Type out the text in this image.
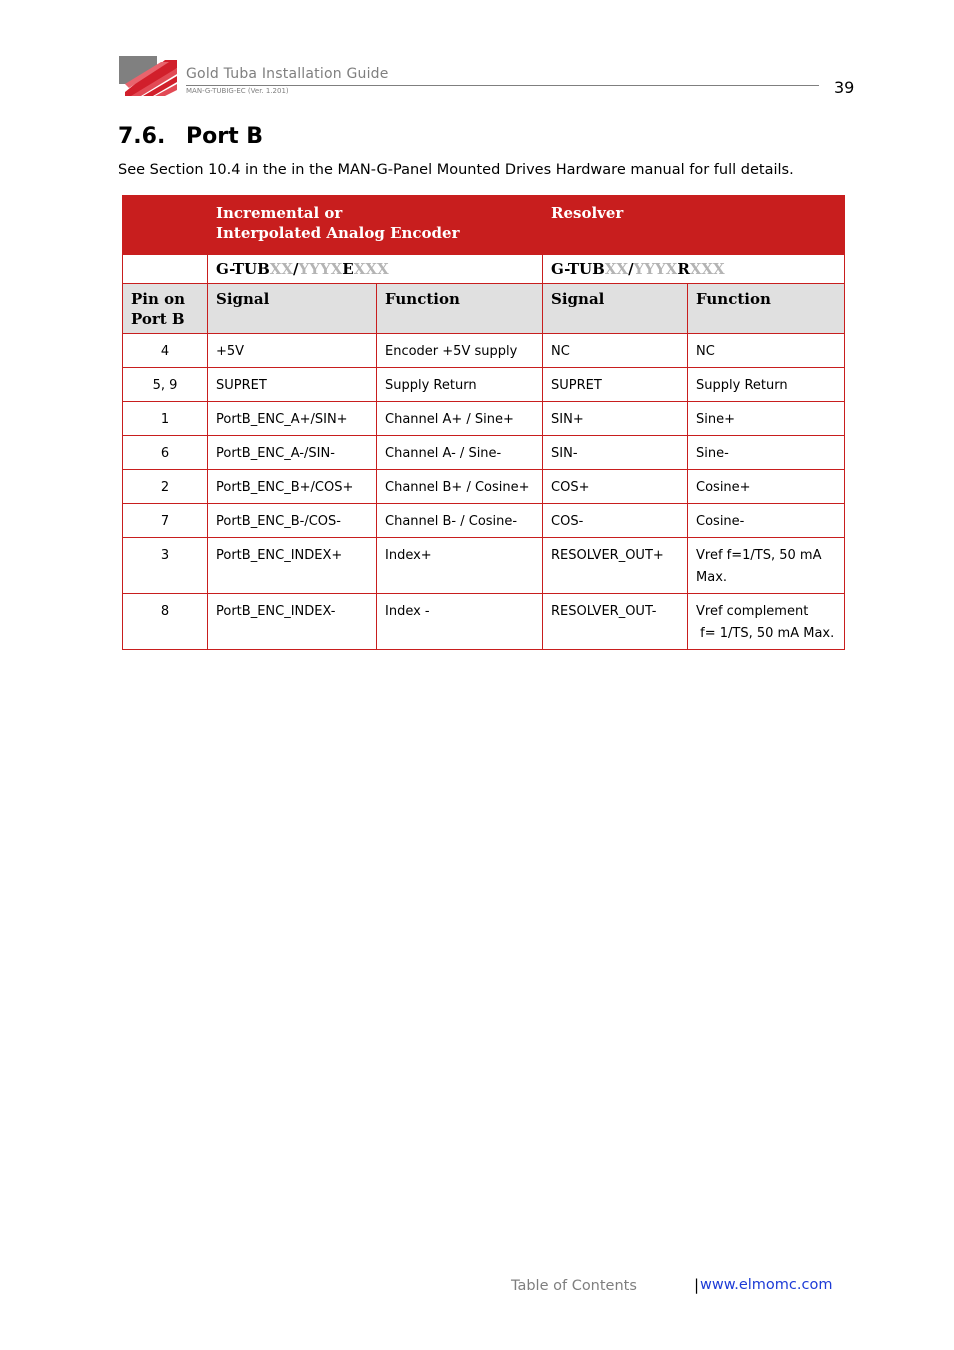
Gold Tuba Installation Guide
MAN-G-TUBIG-EC (Ver. 1.201)	39
7.6. Port B
See Section 10.4 in the in the MAN-G-Panel Mounted Drives Hardware manual for full details.

	Incremental or
Interpolated Analog Encoder		Resolver	
	G-TUBXX/YYYXEXXX		G-TUBXX/YYYXRXXX	

Pin on
Port B	Signal	Function	Signal	Function
4	+5V	Encoder +5V supply	NC	NC
5, 9	SUPRET	Supply Return	SUPRET	Supply Return
1	PortB_ENC_A+/SIN+	Channel A+ / Sine+	SIN+	Sine+
6	PortB_ENC_A-/SIN-	Channel A- / Sine-	SIN-	Sine-
2	PortB_ENC_B+/COS+	Channel B+ / Cosine+	COS+	Cosine+
7	PortB_ENC_B-/COS-	Channel B- / Cosine-	COS-	Cosine-
3	PortB_ENC_INDEX+	Index+	RESOLVER_OUT+	Vref f=1/TS, 50 mA
Max.

8	PortB_ENC_INDEX-	Index -	RESOLVER_OUT-	Vref complement
f= 1/TS, 50 mA Max.
Table of Contents	| www.elmomc.com
